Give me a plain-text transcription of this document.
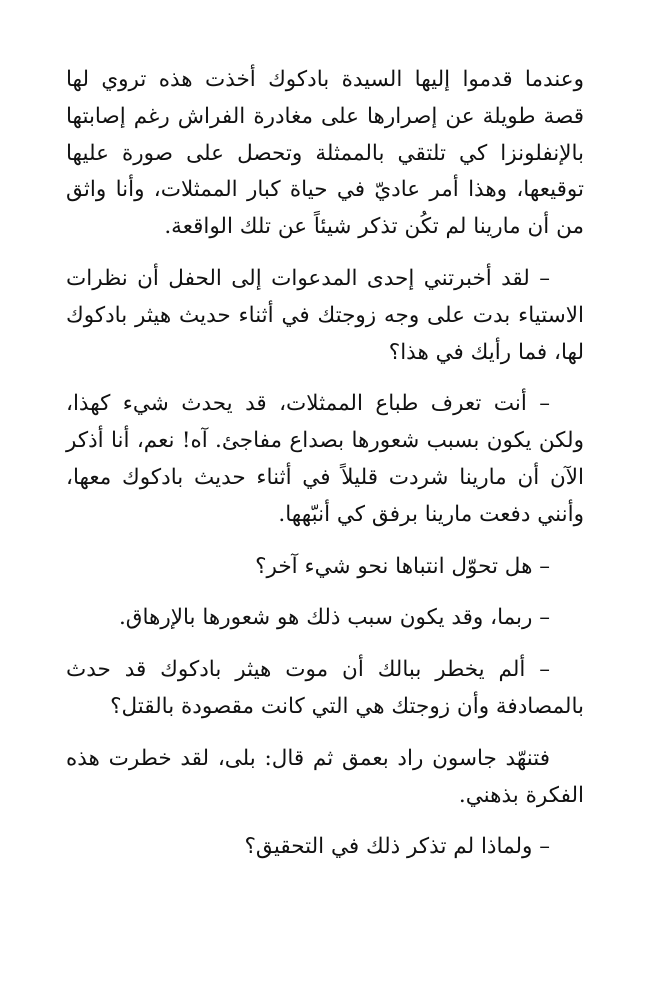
وعندما قدموا إليها السيدة بادكوك أخذت هذه تروي لها قصة طويلة عن إصرارها على مغادرة الفراش رغم إصابتها بالإنفلونزا كي تلتقي بالممثلة وتحصل على صورة عليها توقيعها، وهذا أمر عاديّ في حياة كبار الممثلات، وأنا واثق من أن مارينا لم تكُن تذكر شيئاً عن تلك الواقعة.

– لقد أخبرتني إحدى المدعوات إلى الحفل أن نظرات الاستياء بدت على وجه زوجتك في أثناء حديث هيثر بادكوك لها، فما رأيك في هذا؟

– أنت تعرف طباع الممثلات، قد يحدث شيء كهذا، ولكن يكون بسبب شعورها بصداع مفاجئ. آه! نعم، أنا أذكر الآن أن مارينا شردت قليلاً في أثناء حديث بادكوك معها، وأنني دفعت مارينا برفق كي أنبّهها.

– هل تحوّل انتباها نحو شيء آخر؟

– ربما، وقد يكون سبب ذلك هو شعورها بالإرهاق.

– ألم يخطر ببالك أن موت هيثر بادكوك قد حدث بالمصادفة وأن زوجتك هي التي كانت مقصودة بالقتل؟

فتنهّد جاسون راد بعمق ثم قال: بلى، لقد خطرت هذه الفكرة بذهني.

– ولماذا لم تذكر ذلك في التحقيق؟
